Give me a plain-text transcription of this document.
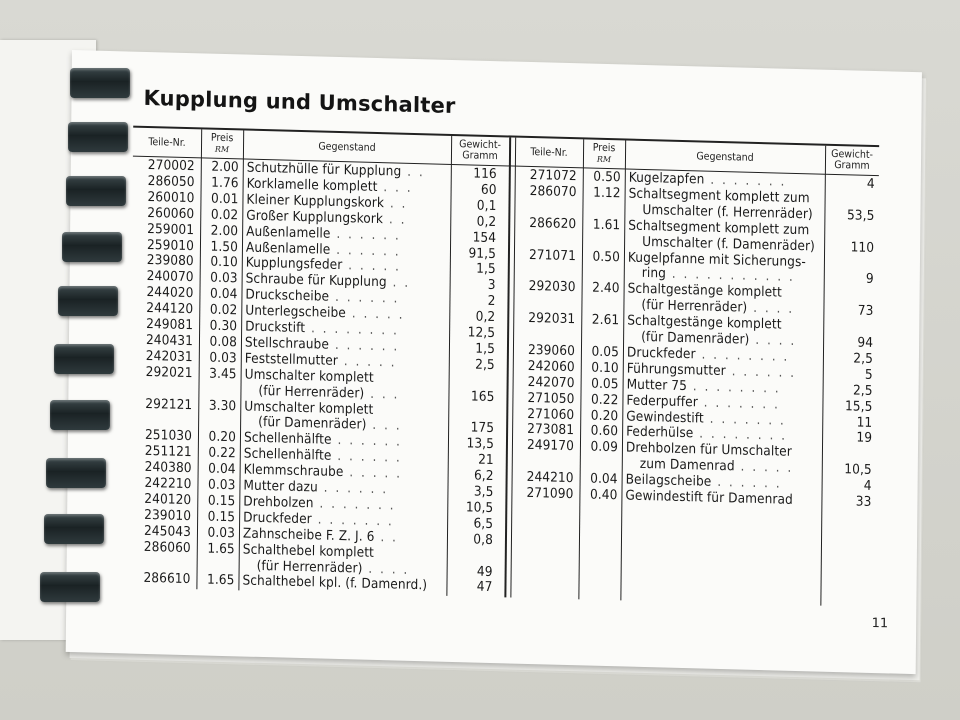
Kupplung und Umschalter
Teile-Nr. Preis
RM	Gegenstand	Gewicht-
Gramm	Teile-Nr. Preis
RM	Gegenstand	Gewicht-
Gramm
270002	2.00 Schutzhülle für Kupplung . .	116
286050	1.76 Korklamelle komplett . . .	60
260010	0.01 Kleiner Kupplungskork . .	0,1
260060	0.02 Großer Kupplungskork . .	0,2
259001	2.00 Außenlamelle . . . . . .	154
259010	1.50 Außenlamelle . . . . . .	91,5
239080	0.10 Kupplungsfeder . . . . .	1,5
240070	0.03 Schraube für Kupplung . .	3
244020	0.04 Druckscheibe . . . . . .	2
244120	0.02 Unterlegscheibe . . . . .	0,2
249081	0.30 Druckstift . . . . . . . .	12,5
240431	0.08 Stellschraube . . . . . .	1,5
242031	0.03 Feststellmutter . . . . .	2,5
292021	3.45 Umschalter komplett
(für Herrenräder) . . .	165
292121	3.30 Umschalter komplett
(für Damenräder) . . .	175
251030	0.20 Schellenhälfte . . . . . .	13,5
251121	0.22 Schellenhälfte . . . . . .	21
240380	0.04 Klemmschraube . . . . .	6,2
242210	0.03 Mutter dazu . . . . . .	3,5
240120	0.15 Drehbolzen . . . . . . .	10,5
239010	0.15 Druckfeder . . . . . . .	6,5
245043	0.03 Zahnscheibe F. Z. J. 6 . .	0,8
286060	1.65 Schalthebel komplett
(für Herrenräder) . . . .	49
286610	1.65 Schalthebel kpl. (f. Damenrd.)	47
271072	0.50 Kugelzapfen . . . . . . .	4
286070	1.12 Schaltsegment komplett zum
Umschalter (f. Herrenräder)	53,5
286620	1.61 Schaltsegment komplett zum
Umschalter (f. Damenräder)	110
271071	0.50 Kugelpfanne mit Sicherungs-
ring . . . . . . . . . . .	9
292030	2.40 Schaltgestänge komplett
(für Herrenräder) . . . .	73
292031	2.61 Schaltgestänge komplett
(für Damenräder) . . . .	94
239060	0.05 Druckfeder . . . . . . . .	2,5
242060	0.10 Führungsmutter . . . . . .	5
242070	0.05 Mutter 75 . . . . . . . .	2,5
271050	0.22 Federpuffer . . . . . . .	15,5
271060	0.20 Gewindestift . . . . . . .	11
273081	0.60 Federhülse . . . . . . . .	19
249170	0.09 Drehbolzen für Umschalter
zum Damenrad . . . . .	10,5
244210	0.04 Beilagscheibe . . . . . .	4
271090	0.40 Gewindestift für Damenrad	33
11
